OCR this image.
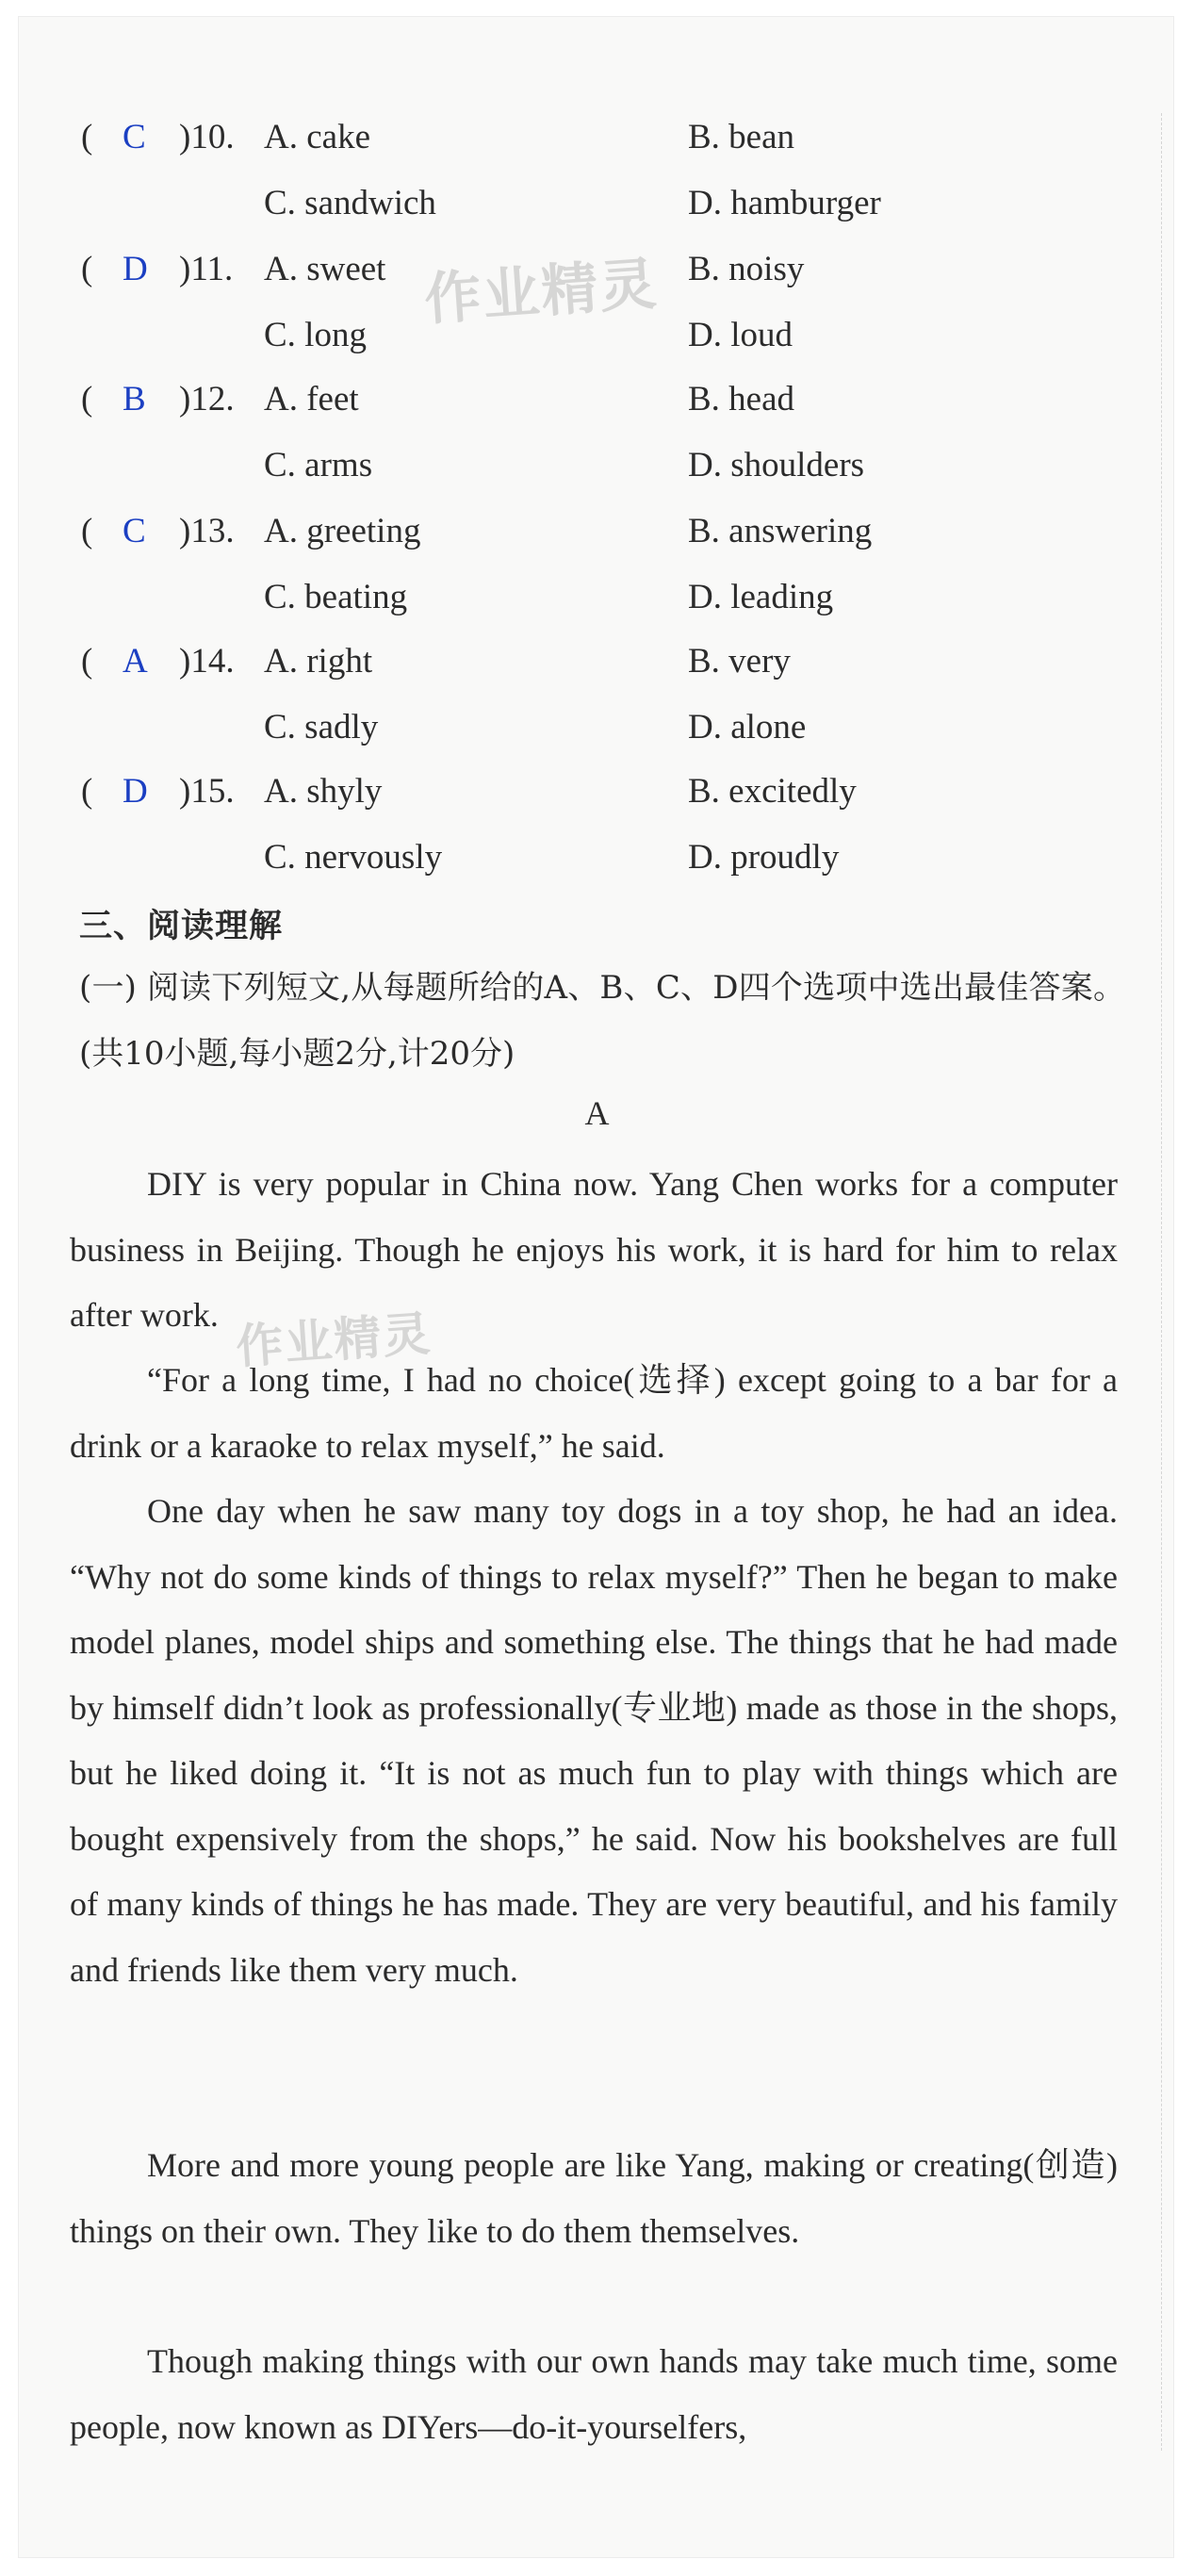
( C )10. A. cake	B. bean
C. sandwich	D. hamburger
( D )11. A. sweet	B. noisy
C. long	D. loud
( B )12. A. feet	B. head
C. arms	D. shoulders
( C )13. A. greeting	B. answering
C. beating	D. leading
( A )14. A. right	B. very
C. sadly	D. alone
( D )15. A. shyly	B. excitedly
C. nervously	D. proudly
三、阅读理解
(一) 阅读下列短文,从每题所给的A、B、C、D四个选项中选出最佳答案。(共10小题,每小题2分,计20分)
A
DIY is very popular in China now. Yang Chen works for a computer business in Beijing. Though he enjoys his work, it is hard for him to relax after work.
“For a long time, I had no choice(选择) except going to a bar for a drink or a karaoke to relax myself,” he said.
One day when he saw many toy dogs in a toy shop, he had an idea. “Why not do some kinds of things to relax myself?” Then he began to make model planes, model ships and something else. The things that he had made by himself didn’t look as professionally(专业地) made as those in the shops, but he liked doing it. “It is not as much fun to play with things which are bought expensively from the shops,” he said. Now his bookshelves are full of many kinds of things he has made. They are very beautiful, and his family and friends like them very much.
More and more young people are like Yang, making or creating(创造) things on their own. They like to do them themselves.
Though making things with our own hands may take much time, some people, now known as DIYers—do-it-yourselfers,
作业精灵
作业精灵
